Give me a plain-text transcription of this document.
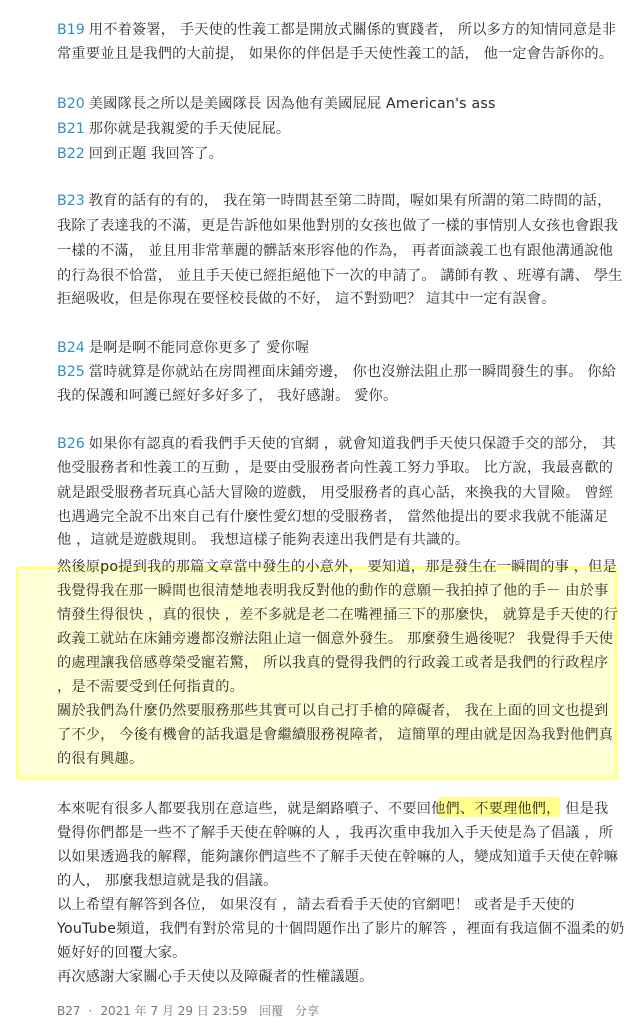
B19 用不着簽署， 手天使的性義工都是開放式關係的實踐者， 所以多方的知情同意是非
常重要並且是我們的大前提， 如果你的伴侶是手天使性義工的話， 他一定會告訴你的。
B20 美國隊長之所以是美國隊長 因為他有美國屁屁 American's ass
B21 那你就是我親愛的手天使屁屁。
B22 回到正題 我回答了。
B23 教育的話有的有的， 我在第一時間甚至第二時間，喔如果有所謂的第二時間的話，
我除了表達我的不滿，更是告訴他如果他對別的女孩也做了一樣的事情別人女孩也會跟我
一樣的不滿， 並且用非常華麗的髒話來形容他的作為， 再者面談義工也有跟他溝通說他
的行為很不恰當， 並且手天使已經拒絕他下一次的申請了。 講師有教 、班導有講、 學生
拒絕吸收，但是你現在要怪校長做的不好， 這不對勁吧？ 這其中一定有誤會。
B24 是啊是啊不能同意你更多了 愛你喔
B25 當時就算是你就站在房間裡面床鋪旁邊， 你也沒辦法阻止那一瞬間發生的事。 你給
我的保護和呵護已經好多好多了， 我好感謝。 愛你。
B26 如果你有認真的看我們手天使的官網 ，就會知道我們手天使只保證手交的部分， 其
他受服務者和性義工的互動 ，是要由受服務者向性義工努力爭取。 比方說，我最喜歡的
就是跟受服務者玩真心話大冒險的遊戲， 用受服務者的真心話，來換我的大冒險。 曾經
也遇過完全說不出來自己有什麼性愛幻想的受服務者， 當然他提出的要求我就不能滿足
他 ，這就是遊戲規則。 我想這樣子能夠表達出我們是有共識的。
然後原po提到我的那篇文章當中發生的小意外， 要知道，那是發生在一瞬間的事 ，但是
我覺得我在那一瞬間也很清楚地表明我反對他的動作的意願－我拍掉了他的手－ 由於事
情發生得很快 ，真的很快 ，差不多就是老二在嘴裡捅三下的那麼快， 就算是手天使的行
政義工就站在床鋪旁邊都沒辦法阻止這一個意外發生。 那麼發生過後呢？ 我覺得手天使
的處理讓我倍感尊榮受寵若驚， 所以我真的覺得我們的行政義工或者是我們的行政程序
，是不需要受到任何指責的。
關於我們為什麼仍然要服務那些其實可以自己打手槍的障礙者， 我在上面的回文也提到
了不少， 今後有機會的話我還是會繼續服務視障者， 這簡單的理由就是因為我對他們真
的很有興趣。
本來呢有很多人都要我別在意這些，就是網路噴子、不要回他們、不要理他們， 但是我
覺得你們都是一些不了解手天使在幹嘛的人 ，我再次重申我加入手天使是為了倡議 ，所
以如果透過我的解釋，能夠讓你們這些不了解手天使在幹嘛的人，變成知道手天使在幹嘛
的人， 那麼我想這就是我的倡議。
以上希望有解答到各位， 如果沒有 ，請去看看手天使的官網吧！ 或者是手天使的
YouTube頻道，我們有對於常見的十個問題作出了影片的解答 ，裡面有我這個不溫柔的奶
姬好好的回覆大家。
再次感謝大家關心手天使以及障礙者的性權議題。
B27 · 2021 年 7 月 29 日 23:59 回覆 分享
